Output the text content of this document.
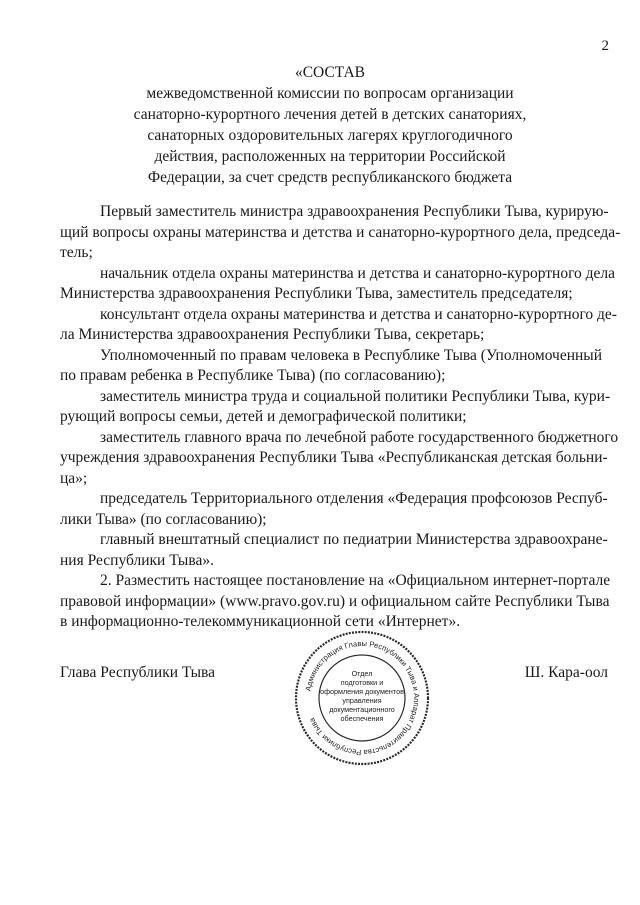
2
«СОСТАВ
межведомственной комиссии по вопросам организации
санаторно-курортного лечения детей в детских санаториях,
санаторных оздоровительных лагерях круглогодичного
действия, расположенных на территории Российской
Федерации, за счет средств республиканского бюджета
Первый заместитель министра здравоохранения Республики Тыва, курирую-
щий вопросы охраны материнства и детства и санаторно-курортного дела, председа-
тель;
начальник отдела охраны материнства и детства и санаторно-курортного дела
Министерства здравоохранения Республики Тыва, заместитель председателя;
консультант отдела охраны материнства и детства и санаторно-курортного де-
ла Министерства здравоохранения Республики Тыва, секретарь;
Уполномоченный по правам человека в Республике Тыва (Уполномоченный
по правам ребенка в Республике Тыва) (по согласованию);
заместитель министра труда и социальной политики Республики Тыва, кури-
рующий вопросы семьи, детей и демографической политики;
заместитель главного врача по лечебной работе государственного бюджетного
учреждения здравоохранения Республики Тыва «Республиканская детская больни-
ца»;
председатель Территориального отделения «Федерация профсоюзов Респуб-
лики Тыва» (по согласованию);
главный внештатный специалист по педиатрии Министерства здравоохране-
ния Республики Тыва».
2. Разместить настоящее постановление на «Официальном интернет-портале
правовой информации» (www.pravo.gov.ru) и официальном сайте Республики Тыва
в информационно-телекоммуникационной сети «Интернет».
Глава Республики Тыва	Ш. Кара-оол
Администрация Главы Республики Тыва и Аппарат Правительства Республики Тыва
Отдел
подготовки и
оформления документов
управления
документационного
обеспечения
